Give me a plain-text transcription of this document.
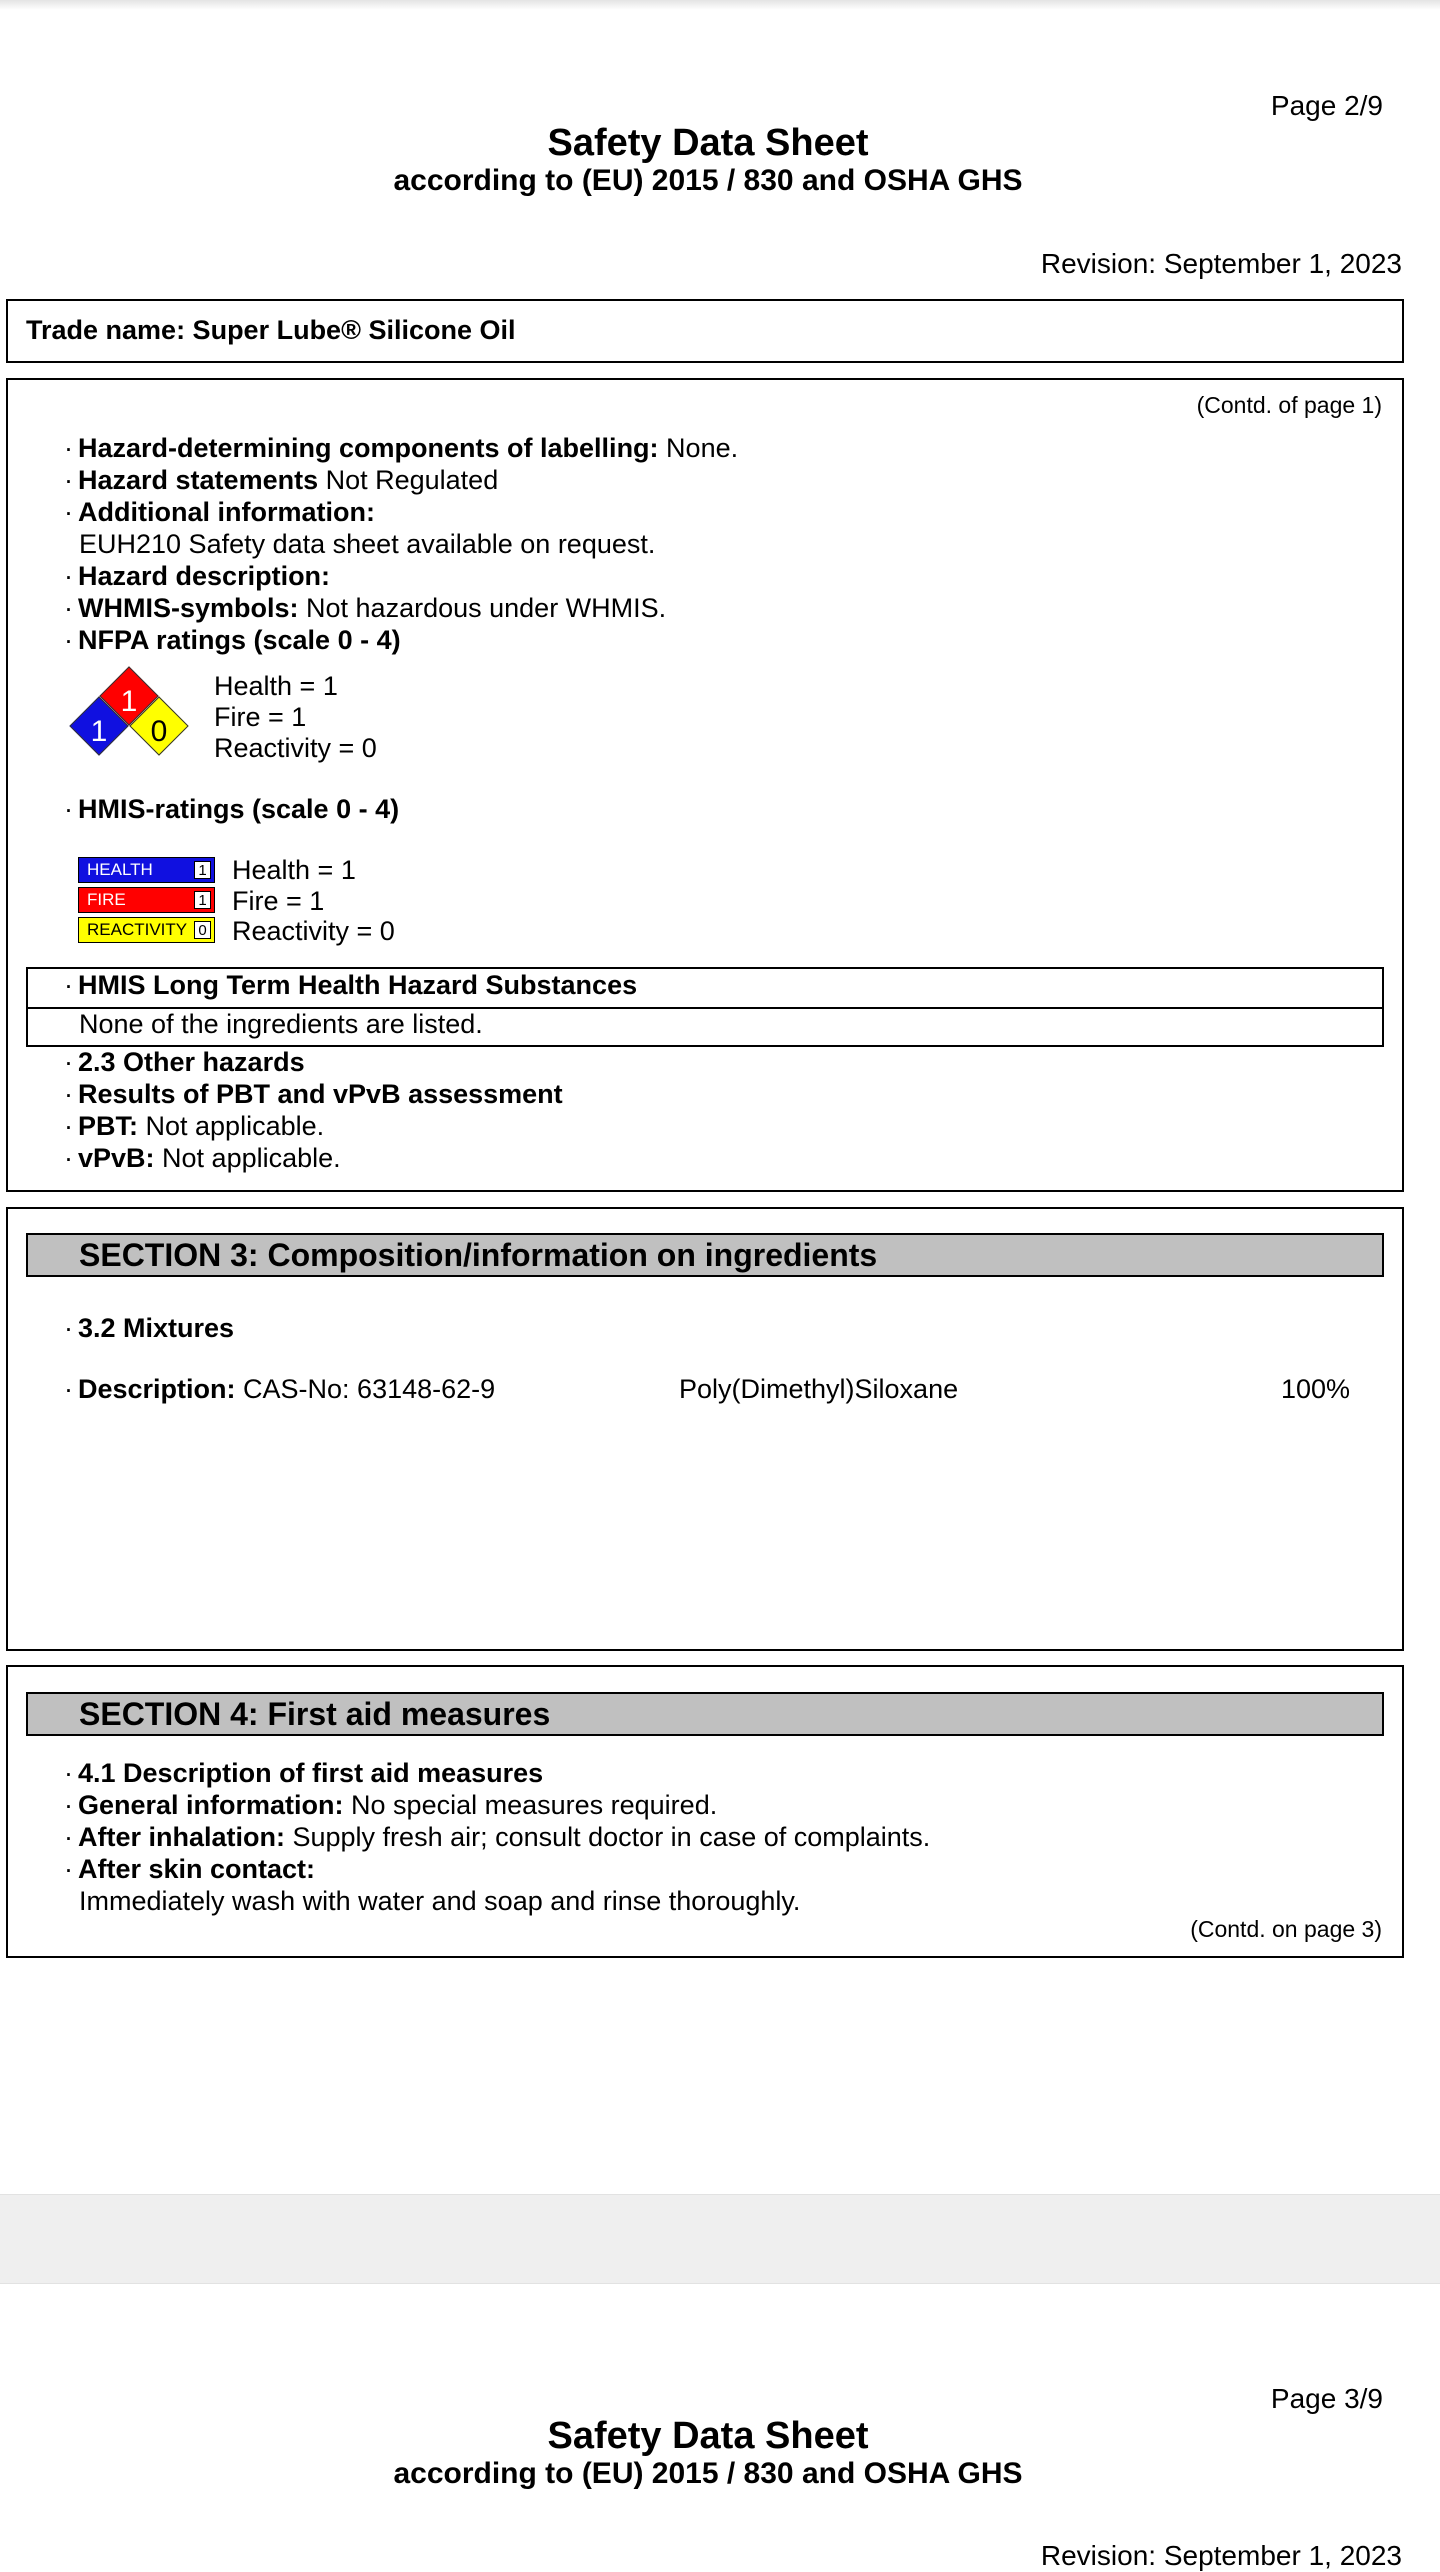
Page 2/9
Safety Data Sheet
according to (EU) 2015 / 830 and OSHA GHS
Revision: September 1, 2023
Trade name: Super Lube® Silicone Oil
(Contd. of page 1)
· Hazard-determining components of labelling: None.
· Hazard statements Not Regulated
· Additional information:
EUH210 Safety data sheet available on request.
· Hazard description:
· WHMIS-symbols: Not hazardous under WHMIS.
· NFPA ratings (scale 0 - 4)
1
1 0
Health = 1
Fire = 1
Reactivity = 0
· HMIS-ratings (scale 0 - 4)
HEALTH	1
FIRE	1
REACTIVITY 0
Health = 1
Fire = 1
Reactivity = 0
· HMIS Long Term Health Hazard Substances
None of the ingredients are listed.
· 2.3 Other hazards
· Results of PBT and vPvB assessment
· PBT: Not applicable.
· vPvB: Not applicable.
SECTION 3: Composition/information on ingredients
· 3.2 Mixtures
· Description: CAS-No: 63148-62-9	Poly(Dimethyl)Siloxane	100%
SECTION 4: First aid measures
· 4.1 Description of first aid measures
· General information: No special measures required.
· After inhalation: Supply fresh air; consult doctor in case of complaints.
· After skin contact:
Immediately wash with water and soap and rinse thoroughly.
(Contd. on page 3)
Page 3/9
Safety Data Sheet
according to (EU) 2015 / 830 and OSHA GHS
Revision: September 1, 2023
